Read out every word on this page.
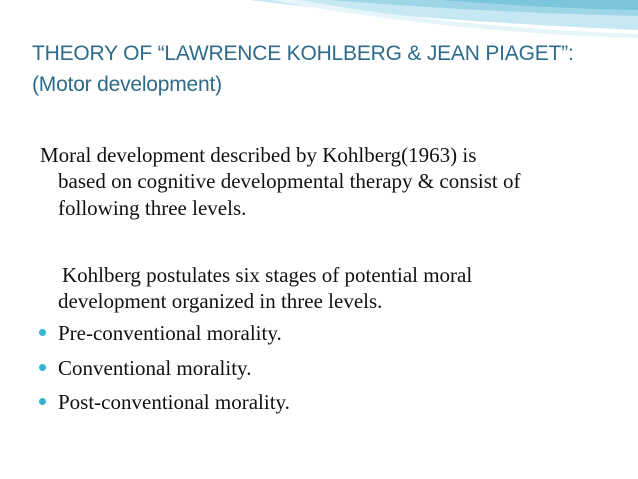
THEORY OF “LAWRENCE KOHLBERG & JEAN PIAGET”:
(Motor development)
Moral development described by Kohlberg(1963) is
based on cognitive developmental therapy & consist of
following three levels.
Kohlberg postulates six stages of potential moral
development organized in three levels.
Pre-conventional morality.
Conventional morality.
Post-conventional morality.
